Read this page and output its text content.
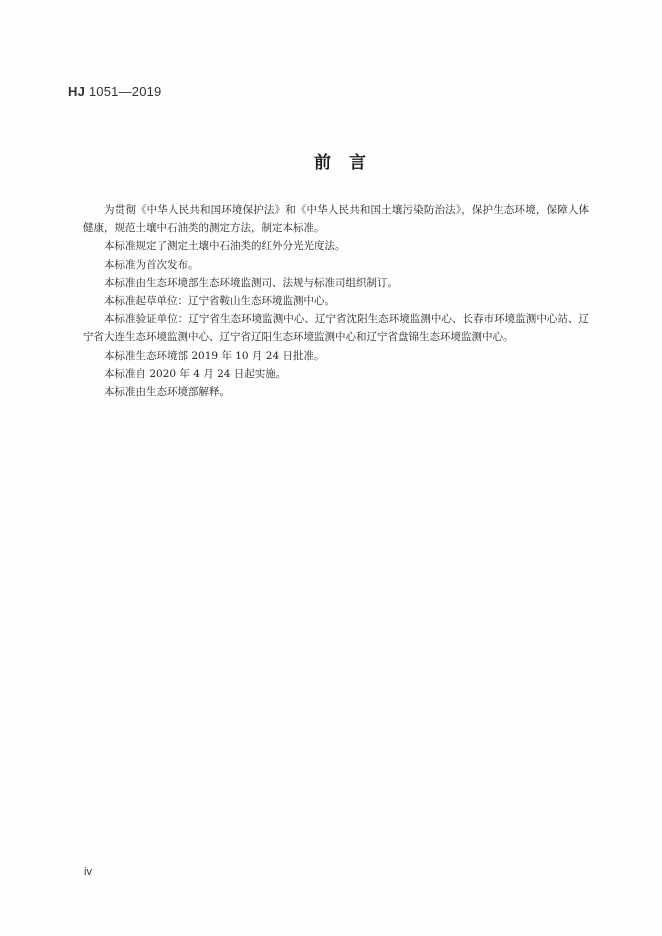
HJ 1051—2019
前言

为贯彻《中华人民共和国环境保护法》和《中华人民共和国土壤污染防治法》，保护生态环境，保障人体健康，规范土壤中石油类的测定方法，制定本标准。

本标准规定了测定土壤中石油类的红外分光光度法。

本标准为首次发布。

本标准由生态环境部生态环境监测司、法规与标准司组织制订。

本标准起草单位：辽宁省鞍山生态环境监测中心。

本标准验证单位：辽宁省生态环境监测中心、辽宁省沈阳生态环境监测中心、长春市环境监测中心站、辽宁省大连生态环境监测中心、辽宁省辽阳生态环境监测中心和辽宁省盘锦生态环境监测中心。

本标准生态环境部 2019 年 10 月 24 日批准。

本标准自 2020 年 4 月 24 日起实施。

本标准由生态环境部解释。

iv
